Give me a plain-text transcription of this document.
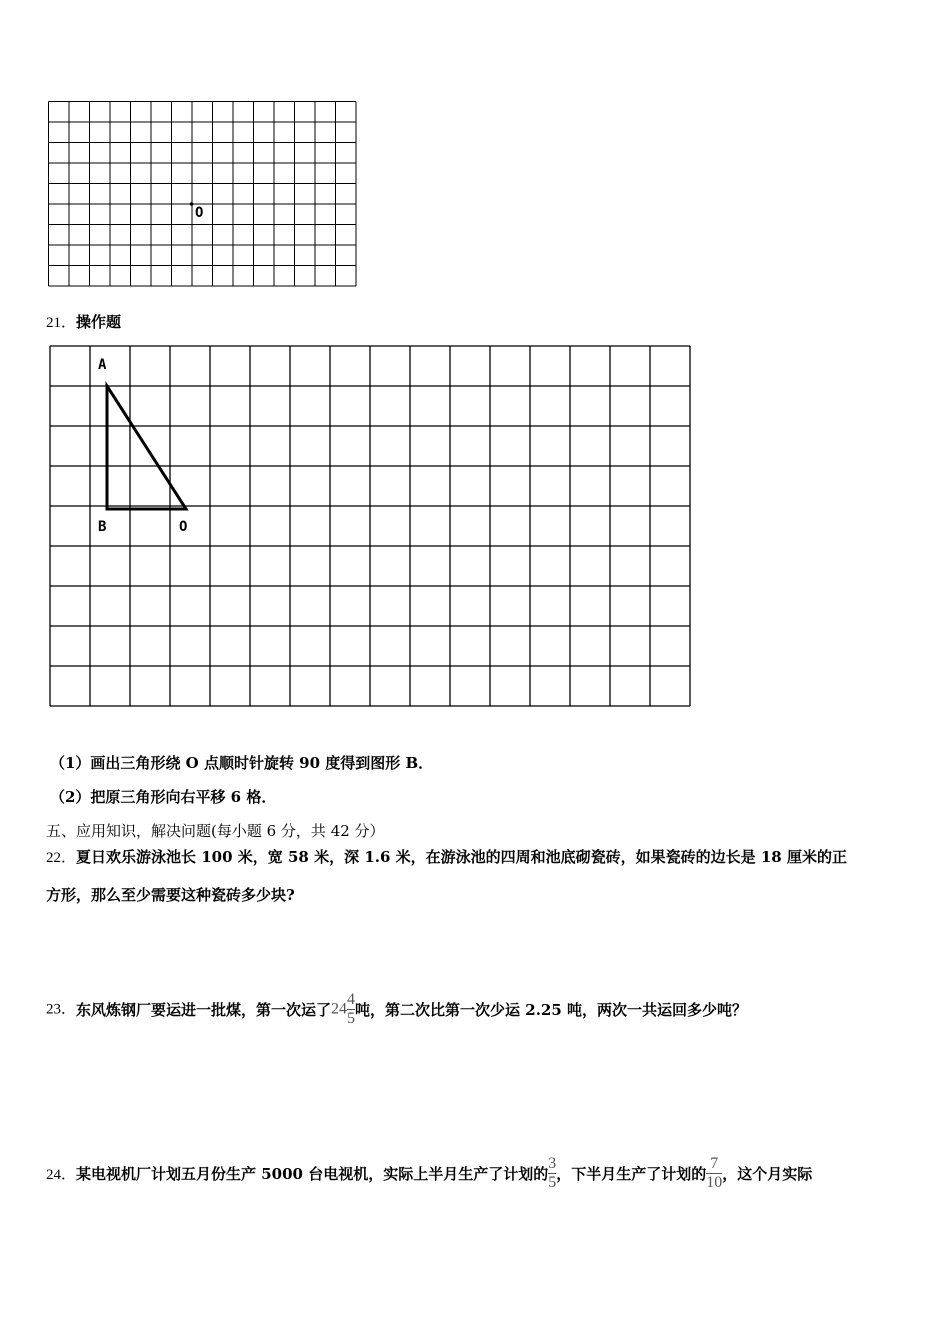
O
21．操作题
A
B	O
（1）画出三角形绕 O 点顺时针旋转 90 度得到图形 B．
（2）把原三角形向右平移 6 格．
五、应用知识，解决问题(每小题 6 分，共 42 分）
22．夏日欢乐游泳池长 100 米，宽 58 米，深 1.6 米，在游泳池的四周和池底砌瓷砖，如果瓷砖的边长是 18 厘米的正
方形，那么至少需要这种瓷砖多少块?
23．东风炼钢厂要运进一批煤，第一次运了$24 \frac{4}{5}$ 吨，第二次比第一次少运 2.25 吨，两次一共运回多少吨？
24．某电视机厂计划五月份生产 5000 台电视机，实际上半月生产了计划的 $\frac{3}{5}$ ，下半月生产了计划的 $\frac{7}{10}$ ，这个月实际
